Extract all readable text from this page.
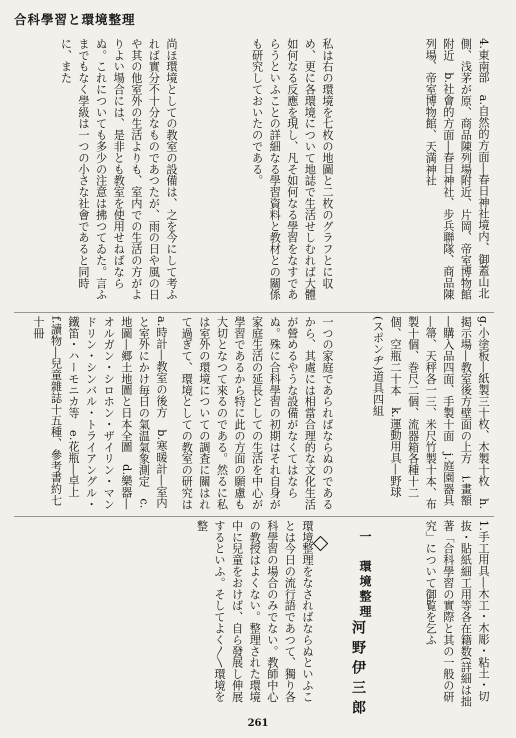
合科學習と環境整理

4.東南部　a.自然的方面―春日神社境内、御蓋山北側、浅茅が原、商品陳列場附近、片岡、帝室博物館附近　b.社會的方面―春日神社、步兵聯隊、商品陳列場、帝室博物館、天満神社

私は右の環境を七枚の地圖と二枚のグラフとに収め、更に各環境について地誌で生活せしむれば大體如何なる反應を現し、凡そ如何なる學習をなすであらうといふことの詳細なる學習資料と教材との關係も研究しておいたのである。

尚ほ環境としての教室の設備は、之を今にして考ふれば實分不十分なものであつたが、雨の日や風の日や其の他室外の生活よりも、室内での生活の方がよりよい場合には、是非とも教室を使用せねばならぬ。これについても多少の注意は拂つてゐた。言ふまでもなく學級は一つの小さな社會であると同時に、また

g.小塗板―紙製三十枚、木製十枚　h.掲示場―教室後方壁面の上方　i.畫額―購入品四面、手製十面　j.庭園器具―箒、天秤各一三、米尺竹製十本、布製十個、巻尺二個、流器箱各種十二個、空瓶二十本　k.運動用具―野球(スポンヂ)道具四組

一つの家庭であらればならぬのであるから、其處には相當合理的な文化生活が營めるやうな設備がなくてはならぬ。殊に合科學習の初期はそれ自身が家庭生活の延長としての生活を中心が學習であるから特に此の方面の願慮も大切となつて來るのである。然るに私は室外の環境についての調査に關はれて過ぎて、環境としての教室の研究は

a.時計―教室の後方　b.寒暖計―室内と室外にかけ毎日の氣温氣象測定　c.地圖―郷土地圖と日本全圖　d.樂器―オルガン・シロホン・ザイリン・マンドリン・シンバル・トライアングル・鐵笛・ハーモニカ等　e.花瓶―卓上　f.讀物―兒童雜誌十五種、參考書約七十冊

1.手工用具―木工・木彫・粘土・切抜・貼紙細工用等各在籍数(詳細は拙著「合科學習の實際と其の一般の研究」について御覧を乞ふ

一　環境整理
河野伊三郎

環境整理をなさればならぬといふことは今日の流行語であつて、獨り各科學習の場合のみでない。教師中心の教授はよくない。整理された環境中に兒童をおけば、自ら發展し伸展するといふ。そしてよく〳〵環境を整

261
